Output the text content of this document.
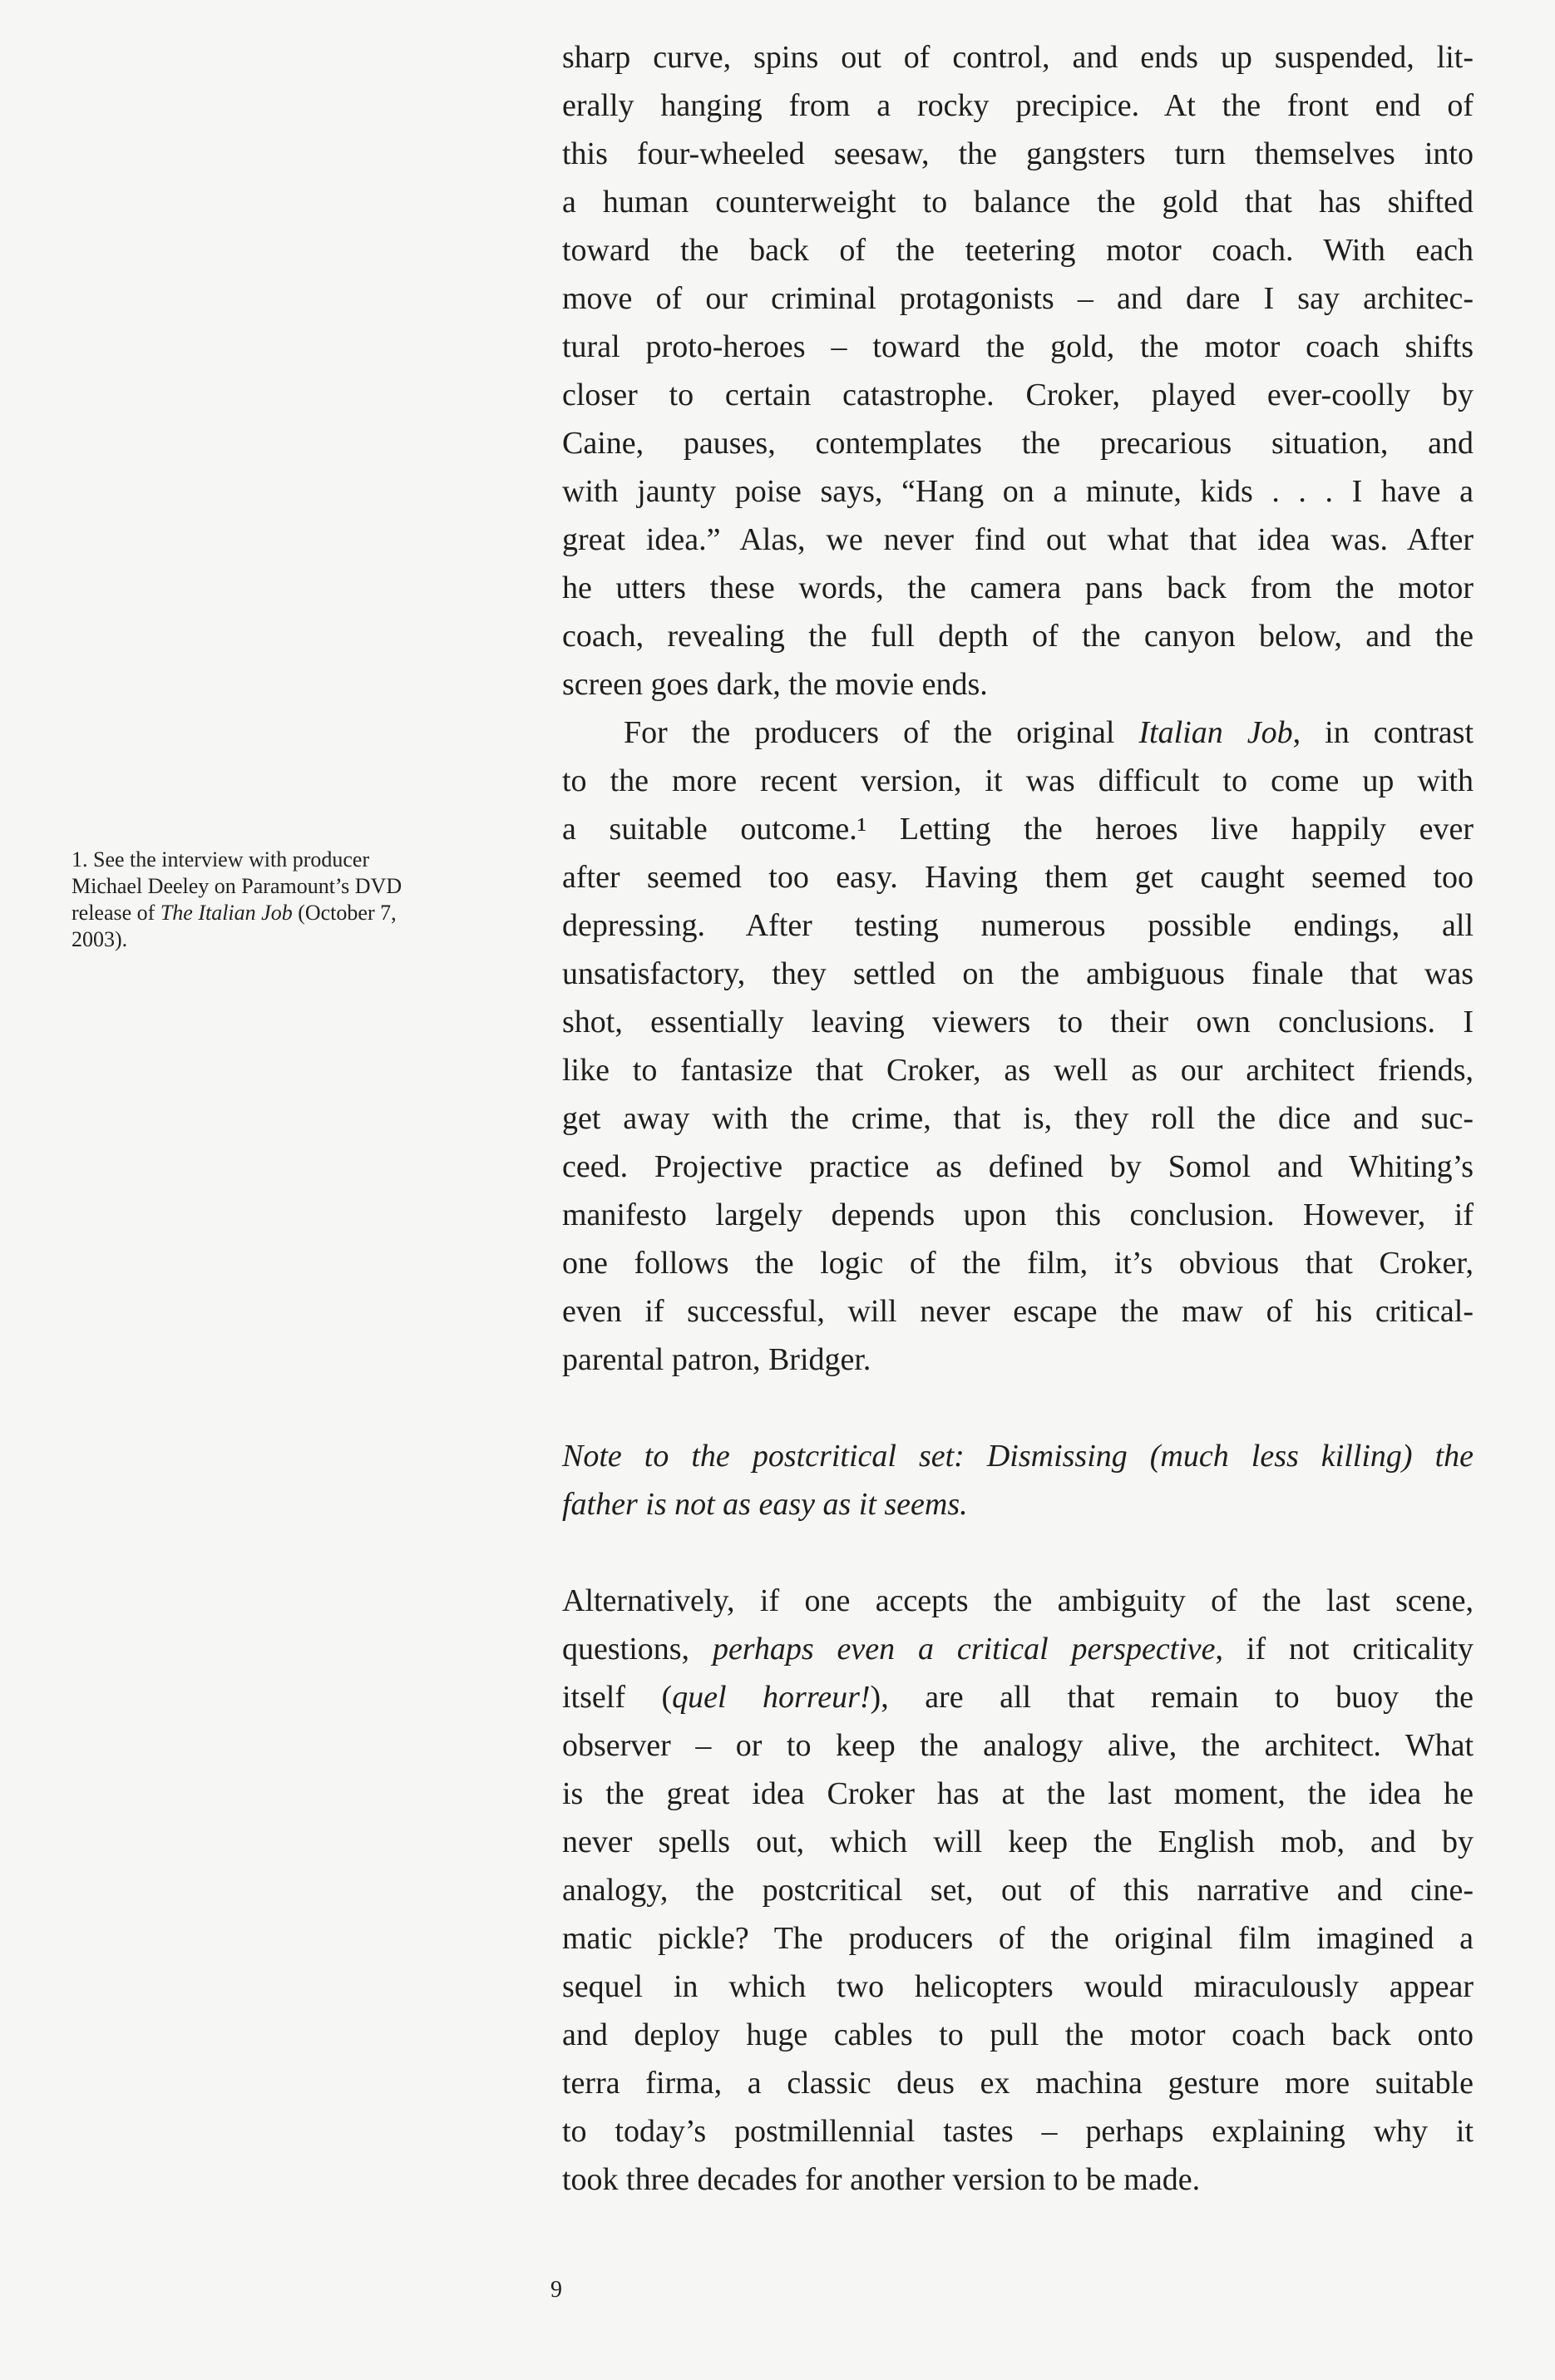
sharp curve, spins out of control, and ends up suspended, lit-
erally hanging from a rocky precipice. At the front end of
this four-wheeled seesaw, the gangsters turn themselves into
a human counterweight to balance the gold that has shifted
toward the back of the teetering motor coach. With each
move of our criminal protagonists – and dare I say architec-
tural proto-heroes – toward the gold, the motor coach shifts
closer to certain catastrophe. Croker, played ever-coolly by
Caine, pauses, contemplates the precarious situation, and
with jaunty poise says, “Hang on a minute, kids . . . I have a
great idea.” Alas, we never find out what that idea was. After
he utters these words, the camera pans back from the motor
coach, revealing the full depth of the canyon below, and the
screen goes dark, the movie ends.
For the producers of the original Italian Job, in contrast
to the more recent version, it was difficult to come up with
a suitable outcome.¹ Letting the heroes live happily ever
after seemed too easy. Having them get caught seemed too
depressing. After testing numerous possible endings, all
unsatisfactory, they settled on the ambiguous finale that was
shot, essentially leaving viewers to their own conclusions. I
like to fantasize that Croker, as well as our architect friends,
get away with the crime, that is, they roll the dice and suc-
ceed. Projective practice as defined by Somol and Whiting’s
manifesto largely depends upon this conclusion. However, if
one follows the logic of the film, it’s obvious that Croker,
even if successful, will never escape the maw of his critical-
parental patron, Bridger.
Note to the postcritical set: Dismissing (much less killing) the
father is not as easy as it seems.
Alternatively, if one accepts the ambiguity of the last scene,
questions, perhaps even a critical perspective, if not criticality
itself (quel horreur!), are all that remain to buoy the
observer – or to keep the analogy alive, the architect. What
is the great idea Croker has at the last moment, the idea he
never spells out, which will keep the English mob, and by
analogy, the postcritical set, out of this narrative and cine-
matic pickle? The producers of the original film imagined a
sequel in which two helicopters would miraculously appear
and deploy huge cables to pull the motor coach back onto
terra firma, a classic deus ex machina gesture more suitable
to today’s postmillennial tastes – perhaps explaining why it
took three decades for another version to be made.
1. See the interview with producer
Michael Deeley on Paramount’s DVD
release of The Italian Job (October 7,
2003).
9
